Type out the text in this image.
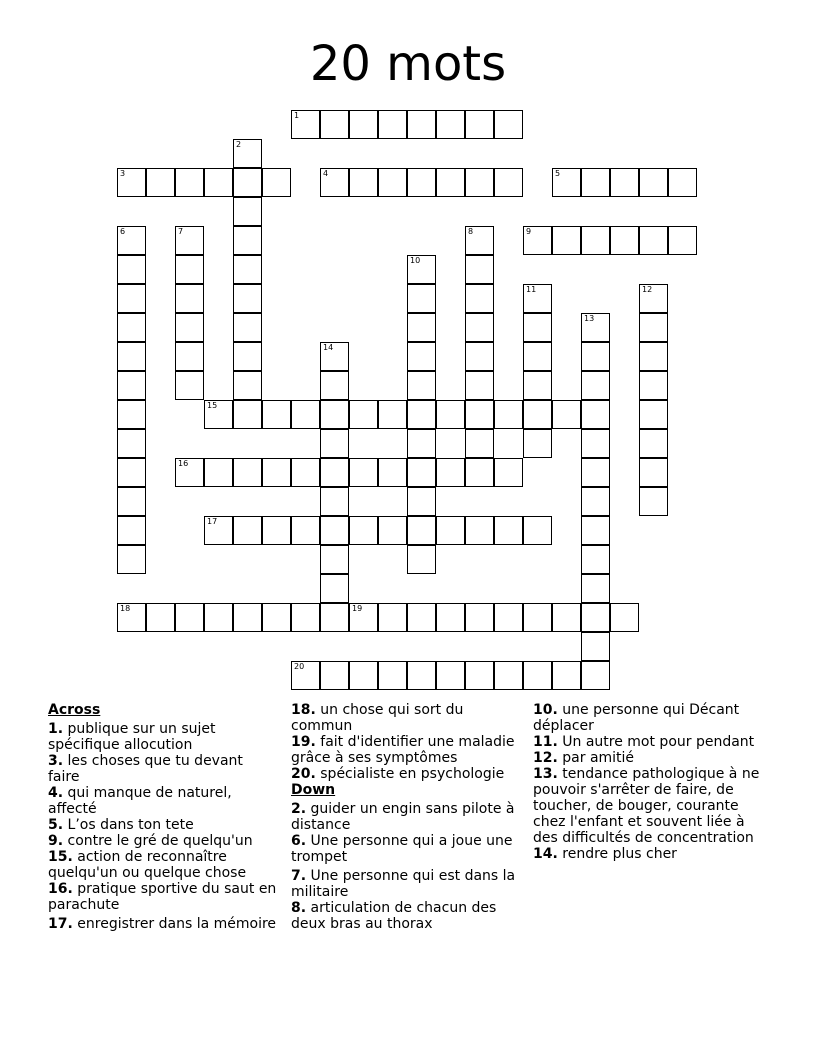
20 mots
1
2
3	4	5
6	7	8	9
10
11	12
13
14
15
16
17
18	19
20
Across
1. publique sur un sujet spécifique allocution
3. les choses que tu devant faire
4. qui manque de naturel, affecté
5. L’os dans ton tete
9. contre le gré de quelqu'un
15. action de reconnaître quelqu'un ou quelque chose
16. pratique sportive du saut en parachute
17. enregistrer dans la mémoire
18. un chose qui sort du commun
19. fait d'identifier une maladie grâce à ses symptômes
20. spécialiste en psychologie
Down
2. guider un engin sans pilote à distance
6. Une personne qui a joue une trompet
7. Une personne qui est dans la militaire
8. articulation de chacun des deux bras au thorax
10. une personne qui Décant déplacer
11. Un autre mot pour pendant
12. par amitié
13. tendance pathologique à ne pouvoir s'arrêter de faire, de toucher, de bouger, courante chez l'enfant et souvent liée à des difficultés de concentration
14. rendre plus cher
